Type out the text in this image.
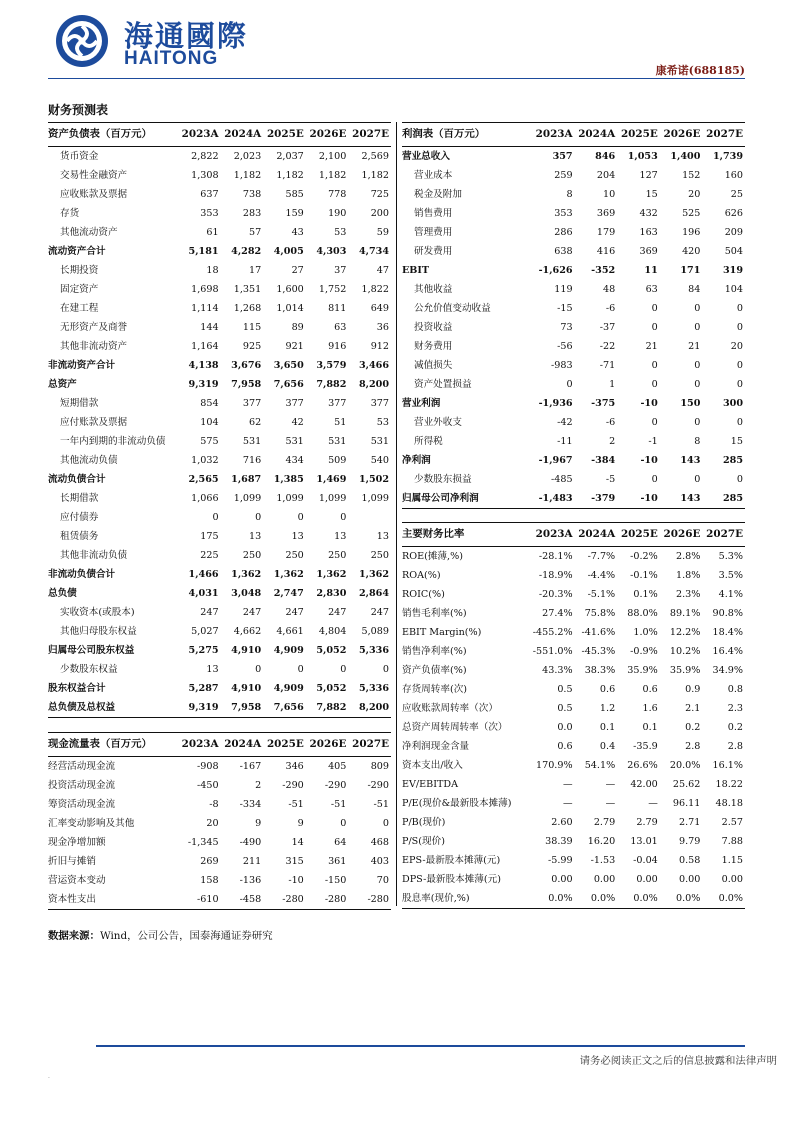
海通國際
HAITONG
康希诺(688185)
财务预测表
资产负债表（百万元）	2023A	2024A	2025E	2026E	2027E
货币资金	2,822	2,023	2,037	2,100	2,569
交易性金融资产	1,308	1,182	1,182	1,182	1,182
应收账款及票据	637	738	585	778	725
存货	353	283	159	190	200
其他流动资产	61	57	43	53	59
流动资产合计	5,181	4,282	4,005	4,303	4,734
长期投资	18	17	27	37	47
固定资产	1,698	1,351	1,600	1,752	1,822
在建工程	1,114	1,268	1,014	811	649
无形资产及商誉	144	115	89	63	36
其他非流动资产	1,164	925	921	916	912
非流动资产合计	4,138	3,676	3,650	3,579	3,466
总资产	9,319	7,958	7,656	7,882	8,200
短期借款	854	377	377	377	377
应付账款及票据	104	62	42	51	53
一年内到期的非流动负债	575	531	531	531	531
其他流动负债	1,032	716	434	509	540
流动负债合计	2,565	1,687	1,385	1,469	1,502
长期借款	1,066	1,099	1,099	1,099	1,099
应付债券	0	0	0	0	
租赁债务	175	13	13	13	13
其他非流动负债	225	250	250	250	250
非流动负债合计	1,466	1,362	1,362	1,362	1,362
总负债	4,031	3,048	2,747	2,830	2,864
实收资本(或股本)	247	247	247	247	247
其他归母股东权益	5,027	4,662	4,661	4,804	5,089
归属母公司股东权益	5,275	4,910	4,909	5,052	5,336
少数股东权益	13	0	0	0	0
股东权益合计	5,287	4,910	4,909	5,052	5,336
总负债及总权益	9,319	7,958	7,656	7,882	8,200
现金流量表（百万元）	2023A	2024A	2025E	2026E	2027E
经营活动现金流	-908	-167	346	405	809
投资活动现金流	-450	2	-290	-290	-290
筹资活动现金流	-8	-334	-51	-51	-51
汇率变动影响及其他	20	9	9	0	0
现金净增加额	-1,345	-490	14	64	468
折旧与摊销	269	211	315	361	403
营运资本变动	158	-136	-10	-150	70
资本性支出	-610	-458	-280	-280	-280
利润表（百万元）	2023A	2024A	2025E	2026E	2027E
营业总收入	357	846	1,053	1,400	1,739
营业成本	259	204	127	152	160
税金及附加	8	10	15	20	25
销售费用	353	369	432	525	626
管理费用	286	179	163	196	209
研发费用	638	416	369	420	504
EBIT	-1,626	-352	11	171	319
其他收益	119	48	63	84	104
公允价值变动收益	-15	-6	0	0	0
投资收益	73	-37	0	0	0
财务费用	-56	-22	21	21	20
减值损失	-983	-71	0	0	0
资产处置损益	0	1	0	0	0
营业利润	-1,936	-375	-10	150	300
营业外收支	-42	-6	0	0	0
所得税	-11	2	-1	8	15
净利润	-1,967	-384	-10	143	285
少数股东损益	-485	-5	0	0	0
归属母公司净利润	-1,483	-379	-10	143	285
主要财务比率	2023A	2024A	2025E	2026E	2027E
ROE(摊薄,%)	-28.1%	-7.7%	-0.2%	2.8%	5.3%
ROA(%)	-18.9%	-4.4%	-0.1%	1.8%	3.5%
ROIC(%)	-20.3%	-5.1%	0.1%	2.3%	4.1%
销售毛利率(%)	27.4%	75.8%	88.0%	89.1%	90.8%
EBIT Margin(%)	-455.2%	-41.6%	1.0%	12.2%	18.4%
销售净利率(%)	-551.0%	-45.3%	-0.9%	10.2%	16.4%
资产负债率(%)	43.3%	38.3%	35.9%	35.9%	34.9%
存货周转率(次)	0.5	0.6	0.6	0.9	0.8
应收账款周转率（次）	0.5	1.2	1.6	2.1	2.3
总资产周转周转率（次）	0.0	0.1	0.1	0.2	0.2
净利润现金含量	0.6	0.4	-35.9	2.8	2.8
资本支出/收入	170.9%	54.1%	26.6%	20.0%	16.1%
EV/EBITDA	—	—	42.00	25.62	18.22
P/E(现价&最新股本摊薄)	—	—	—	96.11	48.18
P/B(现价)	2.60	2.79	2.79	2.71	2.57
P/S(现价)	38.39	16.20	13.01	9.79	7.88
EPS-最新股本摊薄(元)	-5.99	-1.53	-0.04	0.58	1.15
DPS-最新股本摊薄(元)	0.00	0.00	0.00	0.00	0.00
股息率(现价,%)	0.0%	0.0%	0.0%	0.0%	0.0%
数据来源：Wind，公司公告，国泰海通证券研究
·
请务必阅读正文之后的信息披露和法律声明
